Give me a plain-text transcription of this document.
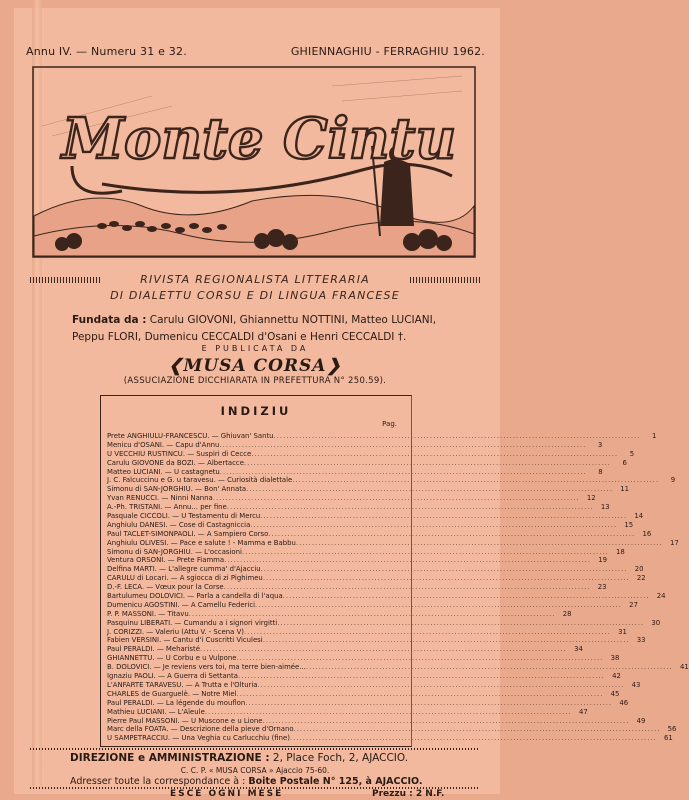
Annu IV. — Numeru 31 e 32.	GHIENNAGHIU - FERRAGHIU 1962.
Monte Cintu
RIVISTA REGIONALISTA LITTERARIA
DI DIALETTU CORSU E DI LINGUA FRANCESE
Fundata da : Carulu GIOVONI, Ghiannettu NOTTINI, Matteo LUCIANI,
Peppu FLORI, Dumenicu CECCALDI d'Osani e Henri CECCALDI †.
E PUBLICATA DA
❮MUSA CORSA❯
(ASSUCIAZIONE DICCHIARATA IN PREFETTURA N° 250.59).
INDIZIU
Pag.
Prete ANGHIULU-FRANCESCU. — Ghiuvan' Santu .....	1
Menicu d'OSANI. — Capu d'Annu .....	3
U VECCHIU RUSTINCU. — Suspiri di Cecce .....	5
Carulu GIOVONE da BOZI. — Albertacce .....	6
Matteo LUCIANI. — U castagnetu .....	8
J. C. Falcuccinu e G. u taravesu. — Curiosità dialettale .....	9
Simonu di SAN-JORGHIU. — Bon' Annata .....	11
Yvan RENUCCI. — Ninni Nanna .....	12
A.-Ph. TRISTANI. — Annu... per fine .....	13
Pasquale CICCOLI. — U Testamentu di Mercu .....	14
Anghiulu DANESI. — Cose di Castagniccia .....	15
Paul TACLET-SIMONPAOLI. — A Sampiero Corso .....	16
Anghiulu OLIVESI. — Pace e salute ! - Mamma e Babbu .....	17
Simonu di SAN-JORGHIU. — L'occasioni .....	18
Ventura ORSONI. — Prete Fiamma .....	19
Delfina MARTI. — L'allegre cumma' d'Ajacciu .....	20
CARULU di Locari. — A sgiocca di zi Pighimeu .....	22
D.-F. LECA. — Vœux pour la Corse .....	23
Bartulumeu DOLOVICI. — Parla a candella di l'aqua .....	24
Dumenicu AGOSTINI. — A Camellu Federici .....	27
P. P. MASSONI. — Titavu .....	28
Pasquinu LIBERATI. — Cumandu a i signori virgitti .....	30
J. CORIZZI. — Valeriu (Attu V. - Scena V) .....	31
Fabien VERSINI. — Cantu d'i Cuscritti Viculesi .....	33
Paul PERALDI. — Meharisté .....	34
GHIANNETTU. — U Corbu e u Vulpone .....	38
B. DOLOVICI. — Je reviens vers toi, ma terre bien-aimée... .....	41
Ignaziu PAOLI. — A Guerra di Settanta .....	42
L'ANFARTE TARAVESU. — A Trutta e l'Olturia .....	43
CHARLES de Guarguelè. — Notre Miel .....	45
Paul PERALDI. — La légende du mouflon .....	46
Mathieu LUCIANI. — L'Aïeule .....	47
Pierre Paul MASSONI. — U Muscone e u Lione .....	49
Marc della FOATA. — Descrizione della pieve d'Ornano .....	56
U SAMPETRACCIU. — Una Veghia cu Carlucchiu (fine) .....	61
DIREZIONE e AMMINISTRAZIONE : 2, Place Foch, 2, AJACCIO.
C. C. P. « MUSA CORSA » Ajaccio 75-60.
Adresser toute la correspondance à : Boite Postale N° 125, à AJACCIO.
ESCE OGNI MESE	Prezzu : 2 N.F.
